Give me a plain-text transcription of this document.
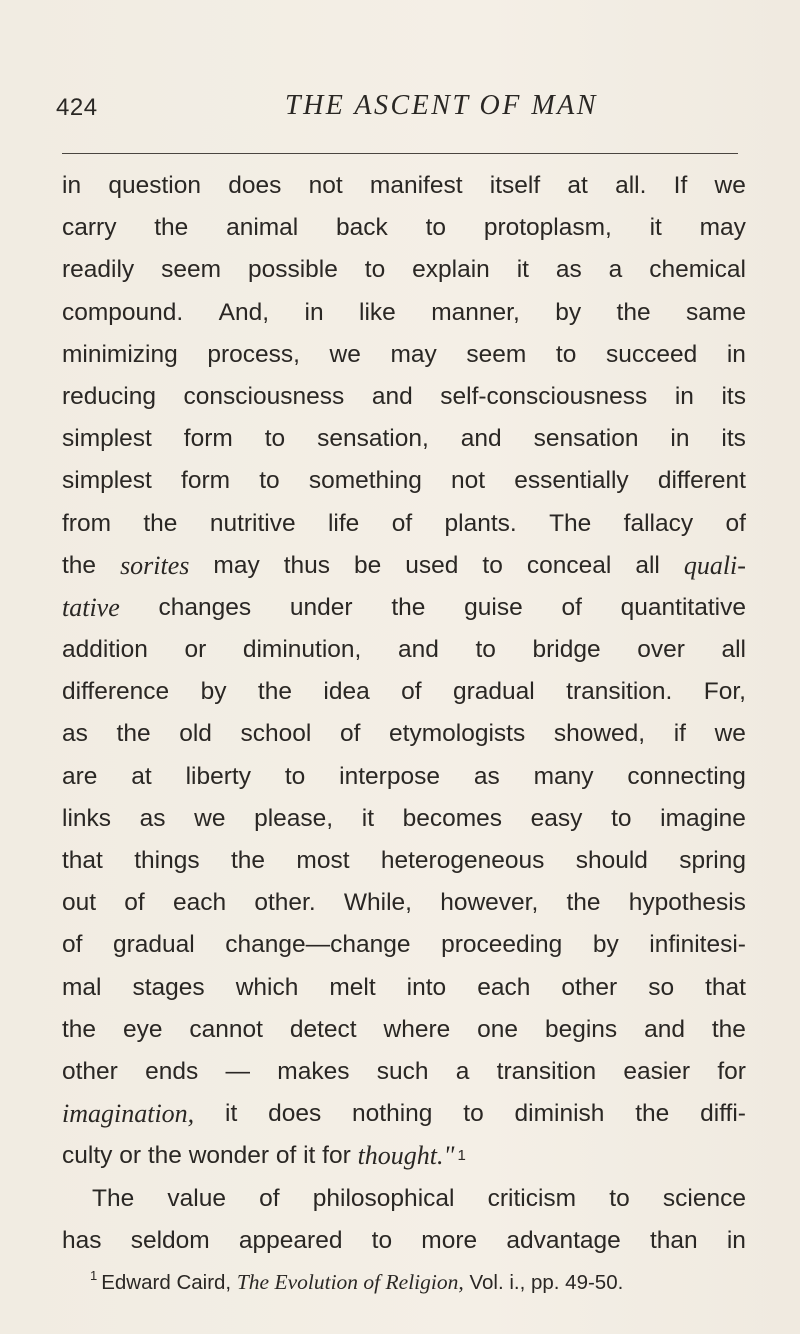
424	THE ASCENT OF MAN
in question does not manifest itself at all. If we
carry the animal back to protoplasm, it may
readily seem possible to explain it as a chemical
compound. And, in like manner, by the same
minimizing process, we may seem to succeed in
reducing consciousness and self-consciousness in its
simplest form to sensation, and sensation in its
simplest form to something not essentially different
from the nutritive life of plants. The fallacy of
the sorites may thus be used to conceal all quali-
tative changes under the guise of quantitative
addition or diminution, and to bridge over all
difference by the idea of gradual transition. For,
as the old school of etymologists showed, if we
are at liberty to interpose as many connecting
links as we please, it becomes easy to imagine
that things the most heterogeneous should spring
out of each other. While, however, the hypothesis
of gradual change—change proceeding by infinitesi-
mal stages which melt into each other so that
the eye cannot detect where one begins and the
other ends — makes such a transition easier for
imagination, it does nothing to diminish the diffi-
culty
or
the
wonder
of
it
for
thought." 1
The value of philosophical criticism to science
has seldom appeared to more advantage than in
$^1$ Edward Caird, The Evolution of Religion, Vol. i., pp. 49-50.
